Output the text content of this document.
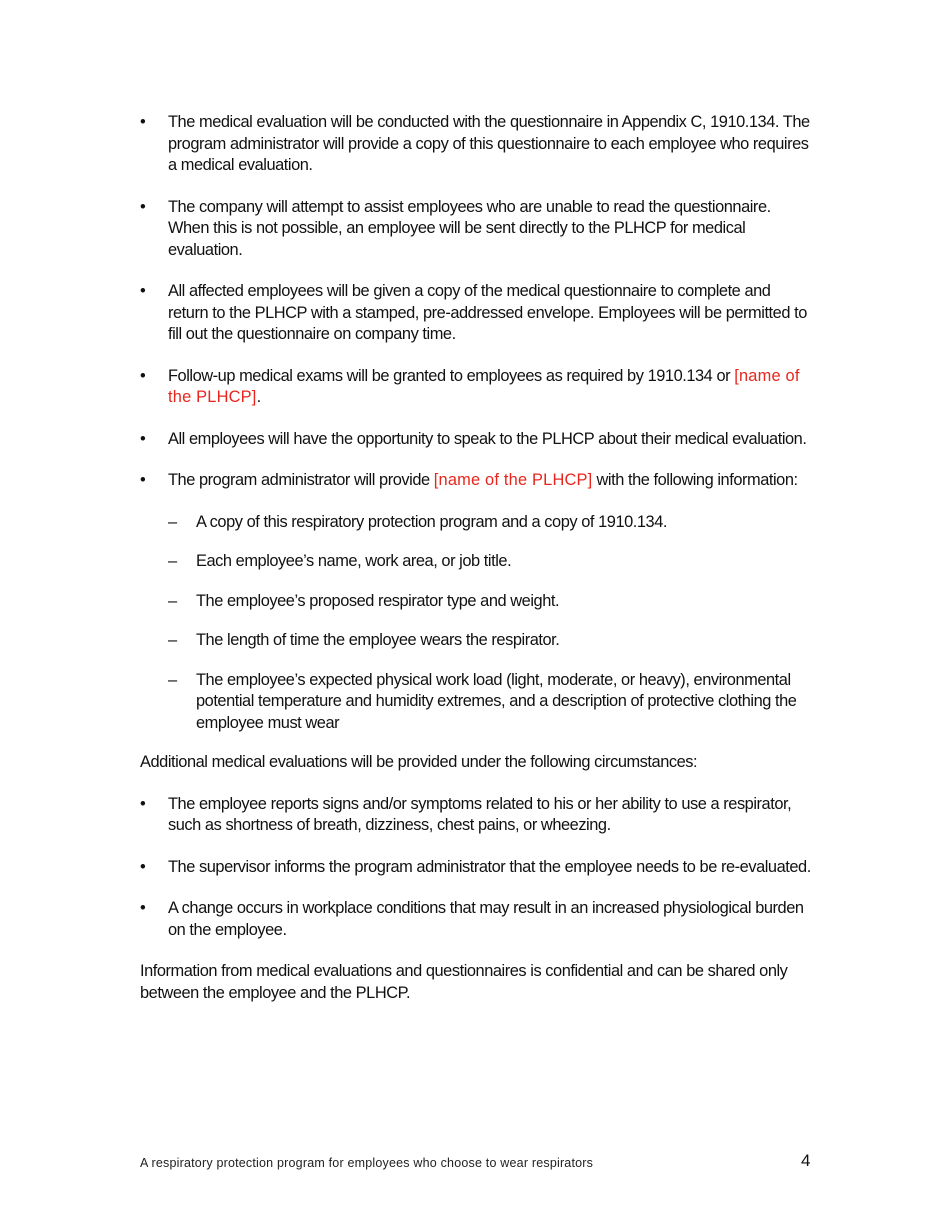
•	The medical evaluation will be conducted with the questionnaire in Appendix C, 1910.134. The program administrator will provide a copy of this questionnaire to each employee who requires a medical evaluation.
•	The company will attempt to assist employees who are unable to read the questionnaire. When this is not possible, an employee will be sent directly to the PLHCP for medical evaluation.
•	All affected employees will be given a copy of the medical questionnaire to complete and return to the PLHCP with a stamped, pre-addressed envelope. Employees will be permitted to fill out the questionnaire on company time.
•	Follow-up medical exams will be granted to employees as required by 1910.134 or [name of the PLHCP].
•	All employees will have the opportunity to speak to the PLHCP about their medical evaluation.
•	The program administrator will provide [name of the PLHCP] with the following information:
–	A copy of this respiratory protection program and a copy of 1910.134.
–	Each employee’s name, work area, or job title.
–	The employee’s proposed respirator type and weight.
–	The length of time the employee wears the respirator.
–	The employee’s expected physical work load (light, moderate, or heavy), environmental potential temperature and humidity extremes, and a description of protective clothing the employee must wear

Additional medical evaluations will be provided under the following circumstances:

•	The employee reports signs and/or symptoms related to his or her ability to use a respirator, such as shortness of breath, dizziness, chest pains, or wheezing.
•	The supervisor informs the program administrator that the employee needs to be re-evaluated.
•	A change occurs in workplace conditions that may result in an increased physiological burden on the employee.

Information from medical evaluations and questionnaires is confidential and can be shared only between the employee and the PLHCP.

A respiratory protection program for employees who choose to wear respirators	4
